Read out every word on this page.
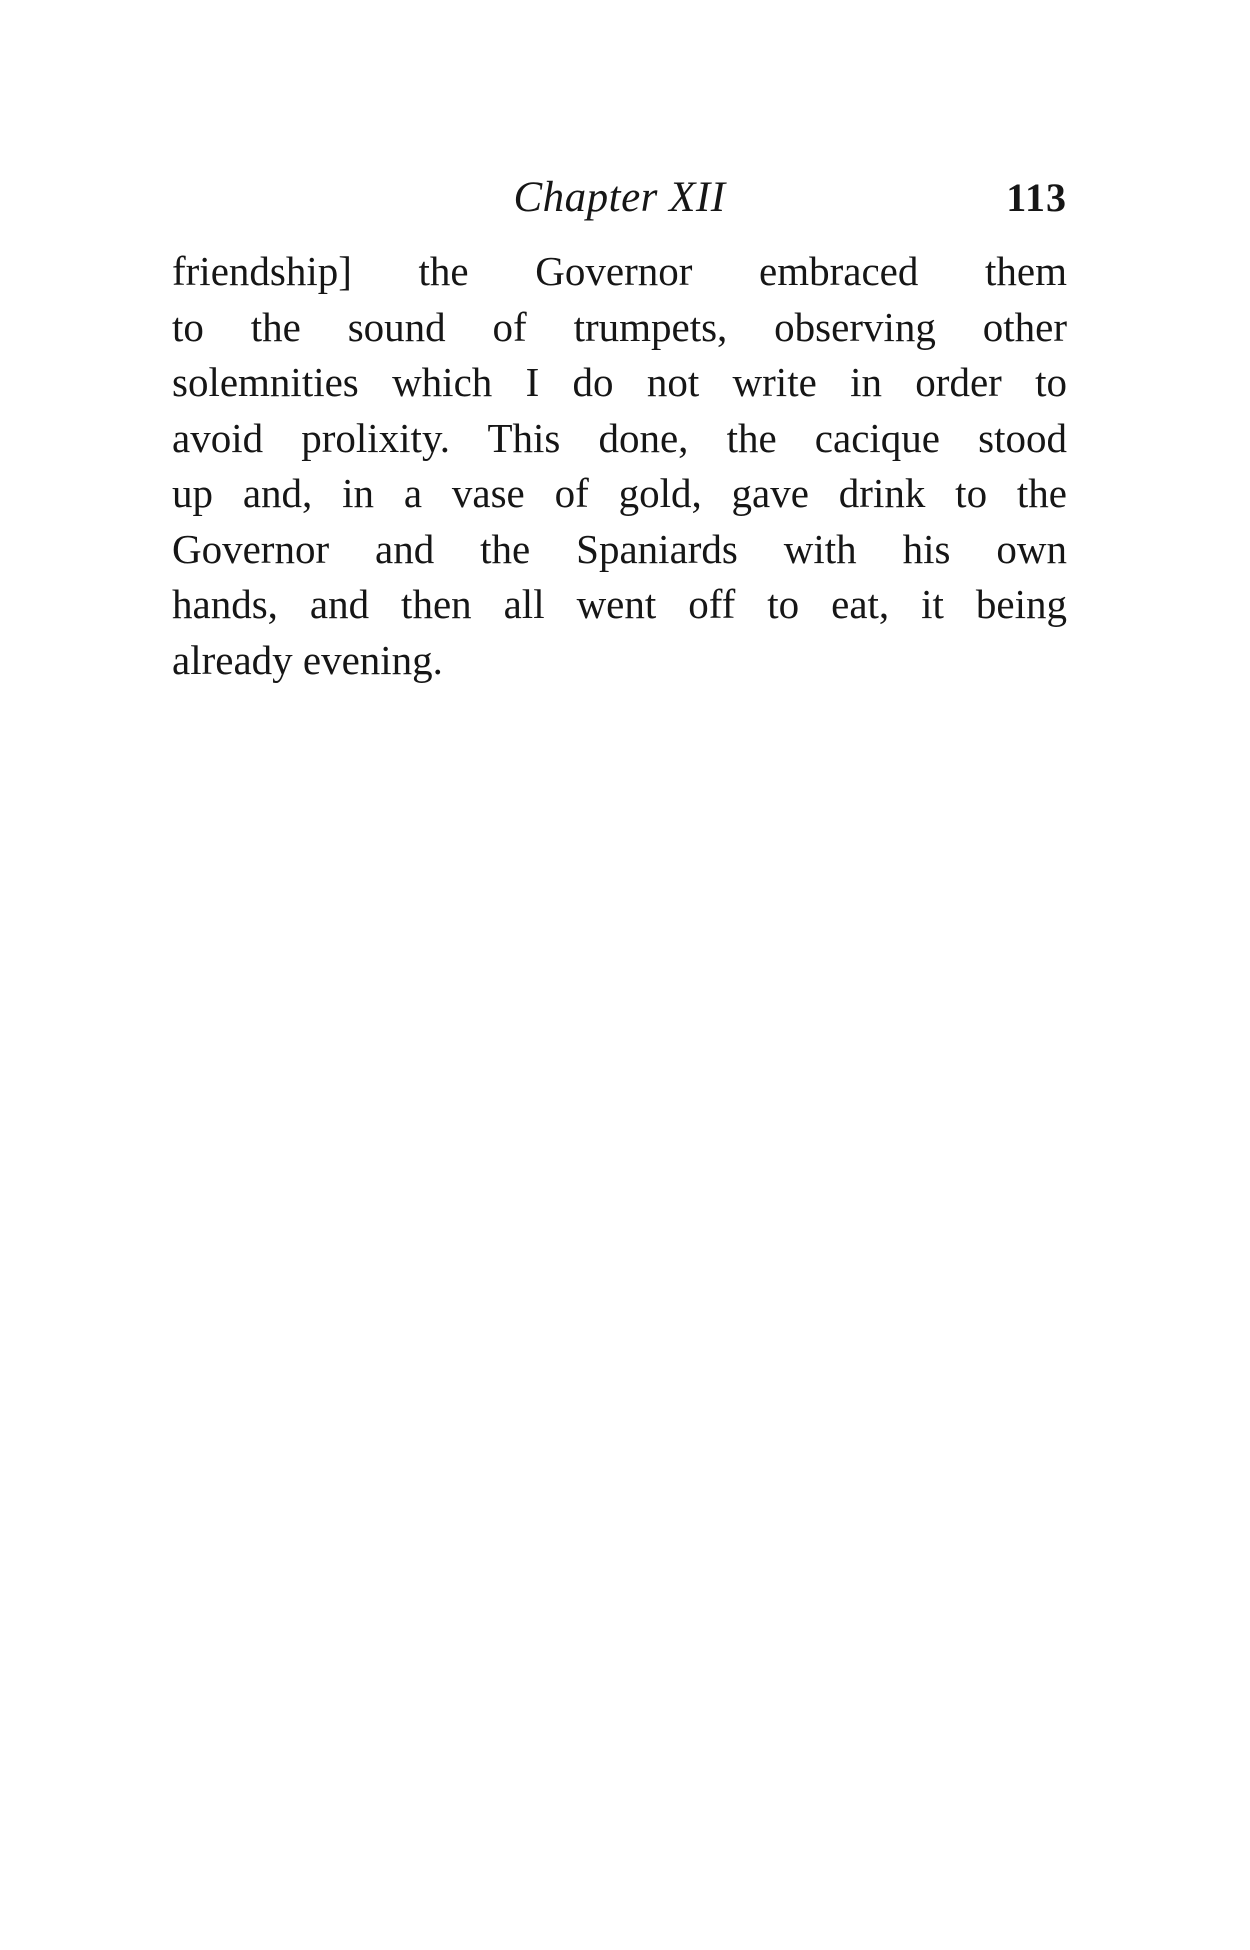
Chapter XII	113
friendship] the Governor embraced them
to the sound of trumpets, observing other
solemnities which I do not write in order to
avoid prolixity. This done, the cacique stood
up and, in a vase of gold, gave drink to the
Governor and the Spaniards with his own
hands, and then all went off to eat, it being
already evening.
